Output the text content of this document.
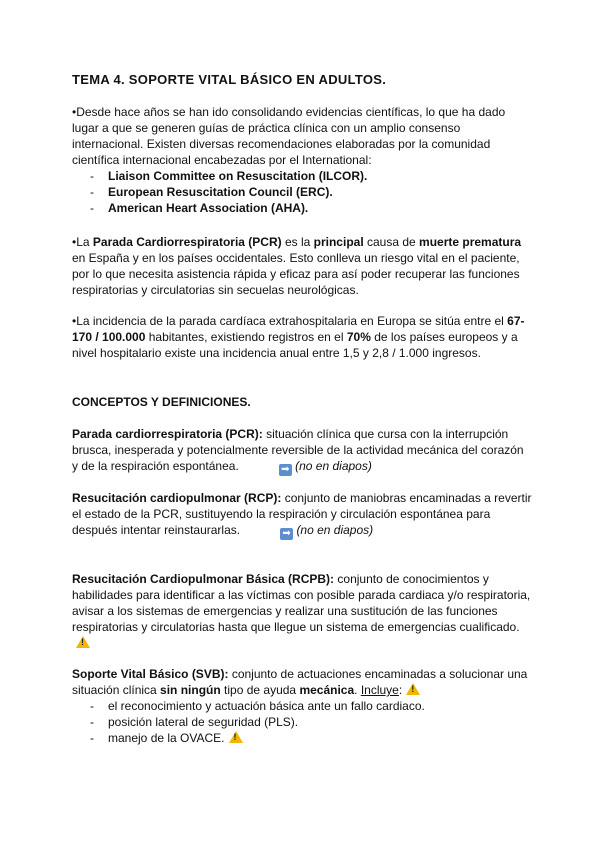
TEMA 4. SOPORTE VITAL BÁSICO EN ADULTOS.

•Desde hace años se han ido consolidando evidencias científicas, lo que ha dado lugar a que se generen guías de práctica clínica con un amplio consenso internacional. Existen diversas recomendaciones elaboradas por la comunidad científica internacional encabezadas por el International:

- Liaison Committee on Resuscitation (ILCOR).
- European Resuscitation Council (ERC).
- American Heart Association (AHA).

•La Parada Cardiorrespiratoria (PCR) es la principal causa de muerte prematura en España y en los países occidentales. Esto conlleva un riesgo vital en el paciente, por lo que necesita asistencia rápida y eficaz para así poder recuperar las funciones respiratorias y circulatorias sin secuelas neurológicas.

•La incidencia de la parada cardíaca extrahospitalaria en Europa se sitúa entre el 67-170 / 100.000 habitantes, existiendo registros en el 70% de los países europeos y a nivel hospitalario existe una incidencia anual entre 1,5 y 2,8 / 1.000 ingresos.

CONCEPTOS Y DEFINICIONES.

Parada cardiorrespiratoria (PCR): situación clínica que cursa con la interrupción brusca, inesperada y potencialmente reversible de la actividad mecánica del corazón y de la respiración espontánea.	➡ (no en diapos)

Resucitación cardiopulmonar (RCP): conjunto de maniobras encaminadas a revertir el estado de la PCR, sustituyendo la respiración y circulación espontánea para después intentar reinstaurarlas.	➡ (no en diapos)

Resucitación Cardiopulmonar Básica (RCPB): conjunto de conocimientos y habilidades para identificar a las víctimas con posible parada cardiaca y/o respiratoria, avisar a los sistemas de emergencias y realizar una sustitución de las funciones respiratorias y circulatorias hasta que llegue un sistema de emergencias cualificado.!

Soporte Vital Básico (SVB): conjunto de actuaciones encaminadas a solucionar una situación clínica sin ningún tipo de ayuda mecánica. Incluye:!

- el reconocimiento y actuación básica ante un fallo cardiaco.
- posición lateral de seguridad (PLS).
- manejo de la OVACE.!
